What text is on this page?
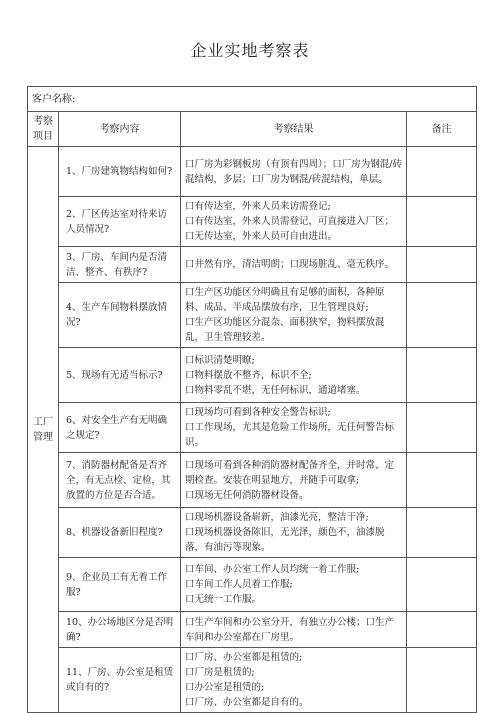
企业实地考察表
客户名称:			
考察项目	考察内容	考察结果	备注
工厂管理	1、厂房建筑物结构如何?	口厂房为彩钢板房（有顶有四周）；口厂房为钢混/砖混结构，多层；口厂房为钢混/砖混结构，单层。	

	2、厂区传达室对待来访人员情况?	口有传达室，外来人员来访需登记;
口有传达室，外来人员需登记，可直接进入厂区；口无传达室，外来人员可自由进出。	

	3、厂房、车间内是否清洁、整齐、有秩序?	口井然有序，清洁明朗；口现场脏乱、毫无秩序。	

	4、生产车间物料摆放情况?	口生产区功能区分明确且有足够的面积，各种原料、成品、半成品摆放有序，卫生管理良好;
口生产区功能区分混杂、面积狭窄，物料摆放混乱，卫生管理较差。	

	5、现场有无适当标示?	口标识清楚明瞭;
口物料摆放不整齐，标识不全;
口物料零乱不堪，无任何标识，通道堵塞。	

	6、对安全生产有无明确之规定?	口现场均可看到各种安全警告标识;
口工作现场，尤其是危险工作场所，无任何警告标识。	

	7、消防器材配备是否齐全，有无点检、定检，其放置的方位是否合适。	口现场可看到各种消防器材配备齐全，并时常、定期检查。安装在明显地方，并随手可取拿;
口现场无任何消防器材设备。	

	8、机器设备新旧程度?	口现场机器设备崭新，油漆光亮，整洁干净;
口现场机器设备陈旧，无光泽，颜色不，油漆脱落，有油污等现象。	

	9、企业员工有无着工作服?	口车间、办公室工作人员均统一着工作服;
口车间工作人员着工作服;
口无统一工作服。	

	10、办公场地区分是否明确?	口生产车间和办公室分开，有独立办公楼；口生产车间和办公室都在厂房里。	

	11、厂房、办公室是租赁或自有的?	口厂房、办公室都是租赁的;
口厂房是租赁的;
口办公室是租赁的;
口厂房、办公室都是自有的。	
